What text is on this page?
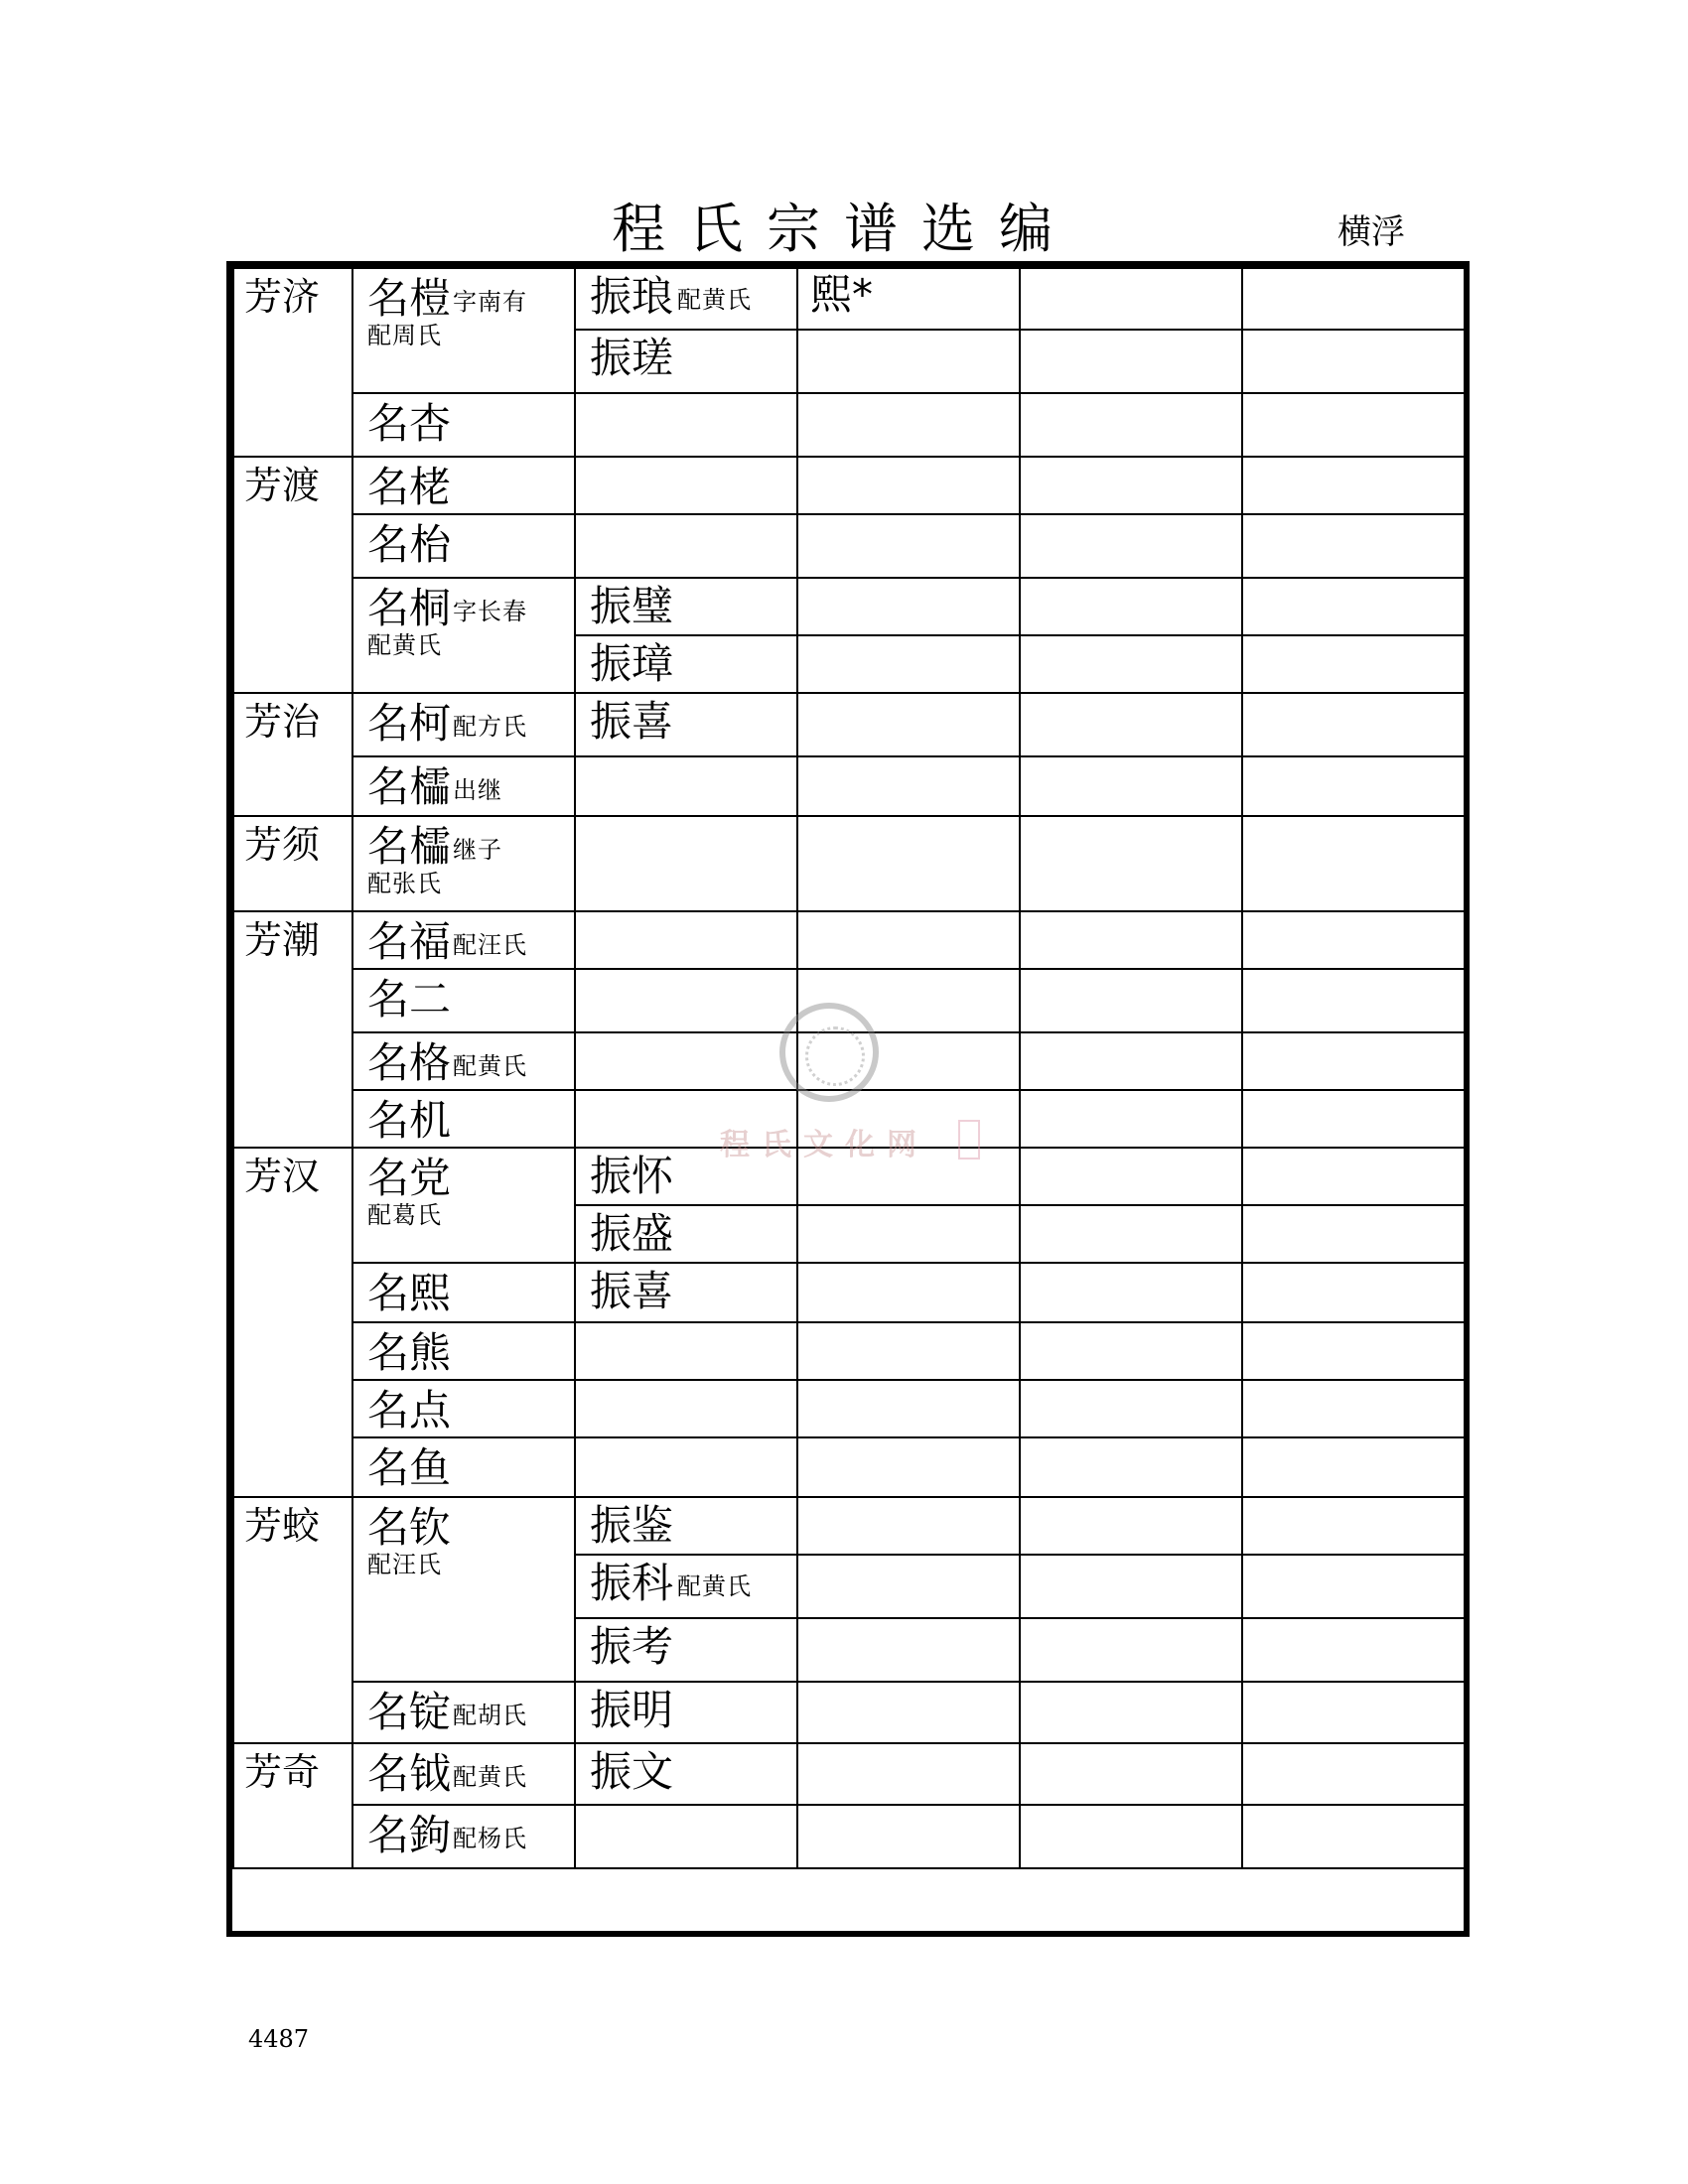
程氏宗谱选编	横浮
芳济
芳渡
芳治
芳须
芳潮
芳汉
芳蛟
芳奇
名榿 字南有
配周氏
名杏
名栳
名枱
名桐 字长春
配黄氏
名柯 配方氏
名櫺 出继
名櫺 继子
配张氏
名福 配汪氏
名二
名格 配黄氏
名机
名党
配葛氏
名熙
名熊
名点
名鱼
名钦
配汪氏
名锭 配胡氏
名钺 配黄氏
名鉤 配杨氏
振琅 配黄氏 熙*
振瑳
振璧
振璋
振喜
振怀
振盛
振喜
振鉴
振科 配黄氏
振考
振明
振文
程氏文化网
4487
